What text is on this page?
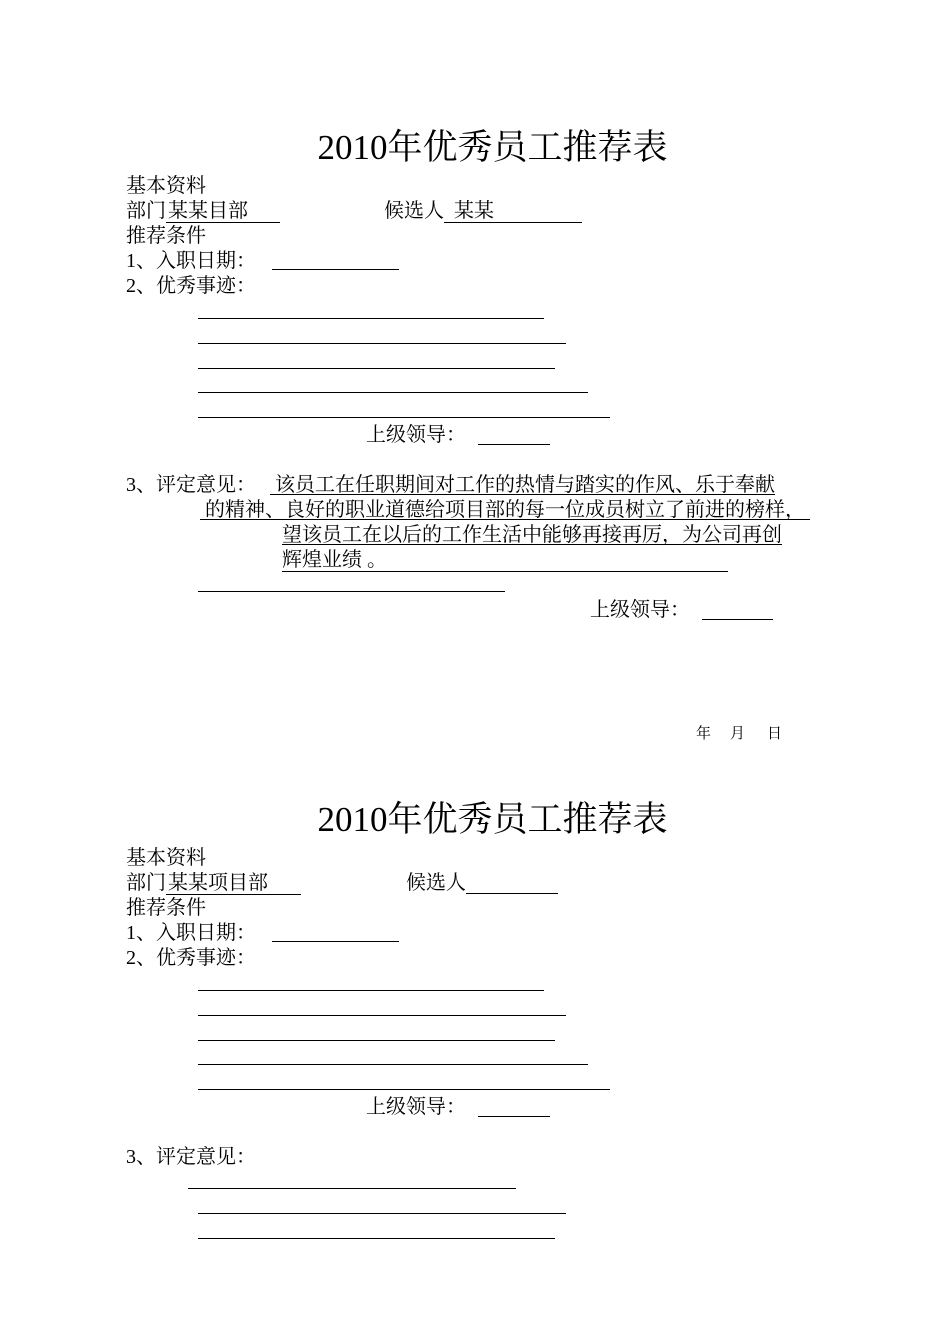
2010年优秀员工推荐表
基本资料
部门 某某目部	候选人 某某
推荐条件
1、入职日期：
2、优秀事迹：
上级领导：
3、评定意见： 该员工在任职期间对工作的热情与踏实的作风、乐于奉献
的精神、良好的职业道德给项目部的每一位成员树立了前进的榜样，
望该员工在以后的工作生活中能够再接再厉，为公司再创
辉煌业绩 。
上级领导：
年 月 日
2010年优秀员工推荐表
基本资料
部门 某某项目部	候选人
推荐条件
1、入职日期：
2、优秀事迹：
上级领导：
3、评定意见：
